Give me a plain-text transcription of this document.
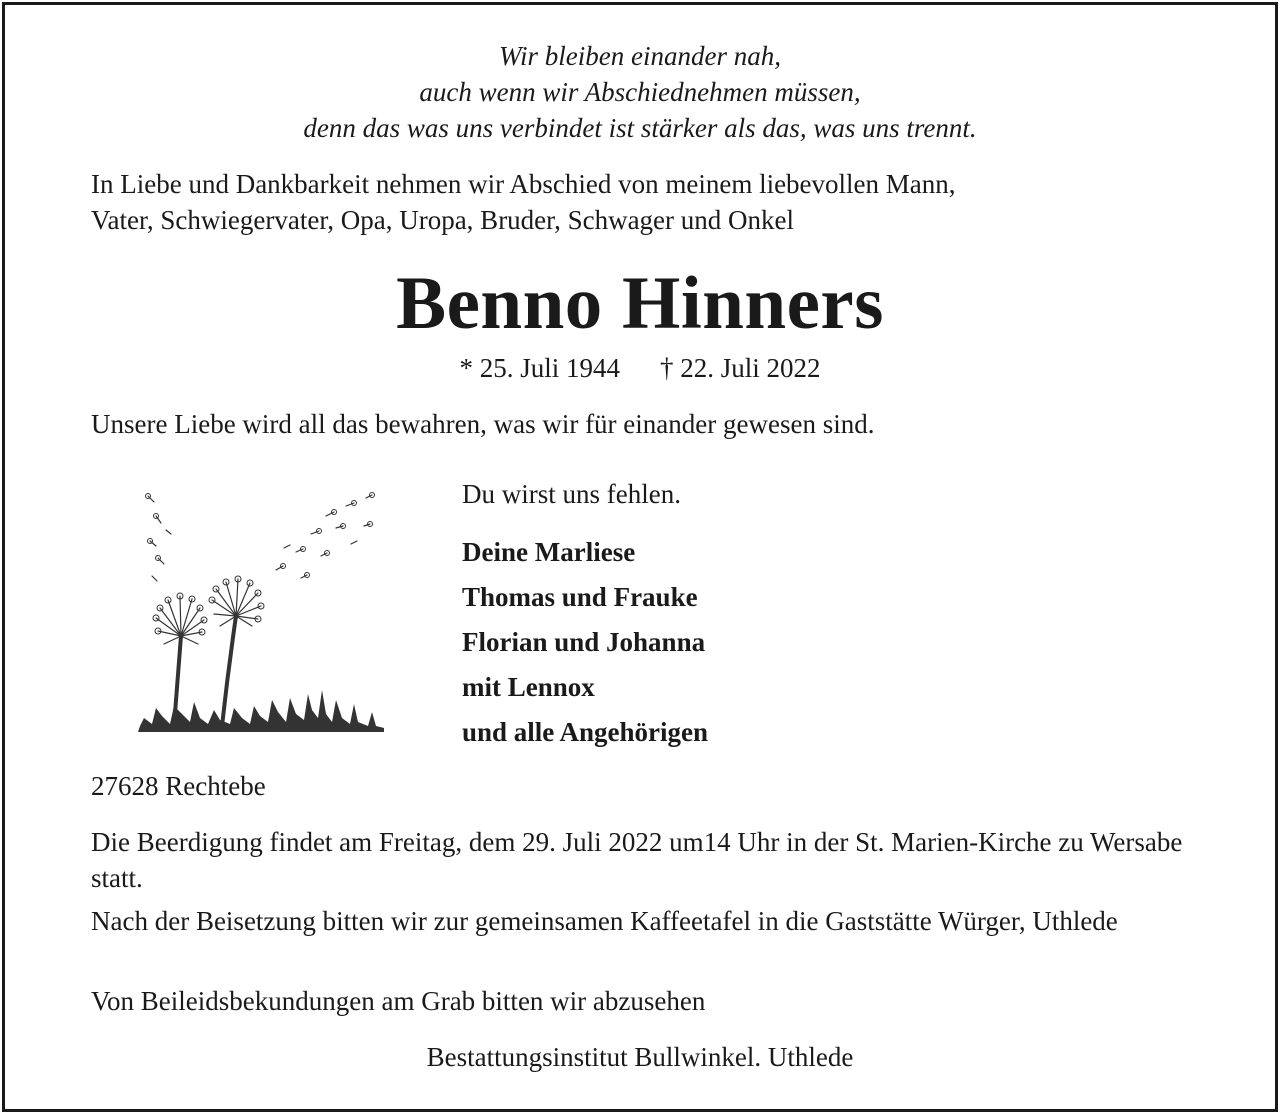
Wir bleiben einander nah,
auch wenn wir Abschiednehmen müssen,
denn das was uns verbindet ist stärker als das, was uns trennt.
In Liebe und Dankbarkeit nehmen wir Abschied von meinem liebevollen Mann,
Vater, Schwiegervater, Opa, Uropa, Bruder, Schwager und Onkel
Benno Hinners
* 25. Juli 1944 † 22. Juli 2022
Unsere Liebe wird all das bewahren, was wir für einander gewesen sind.
Du wirst uns fehlen.
Deine Marliese
Thomas und Frauke
Florian und Johanna
mit Lennox
und alle Angehörigen
27628 Rechtebe
Die Beerdigung findet am Freitag, dem 29. Juli 2022 um14 Uhr in der St. Marien-Kirche zu Wersabe statt.
Nach der Beisetzung bitten wir zur gemeinsamen Kaffeetafel in die Gaststätte Würger, Uthlede
Von Beileidsbekundungen am Grab bitten wir abzusehen
Bestattungsinstitut Bullwinkel. Uthlede
